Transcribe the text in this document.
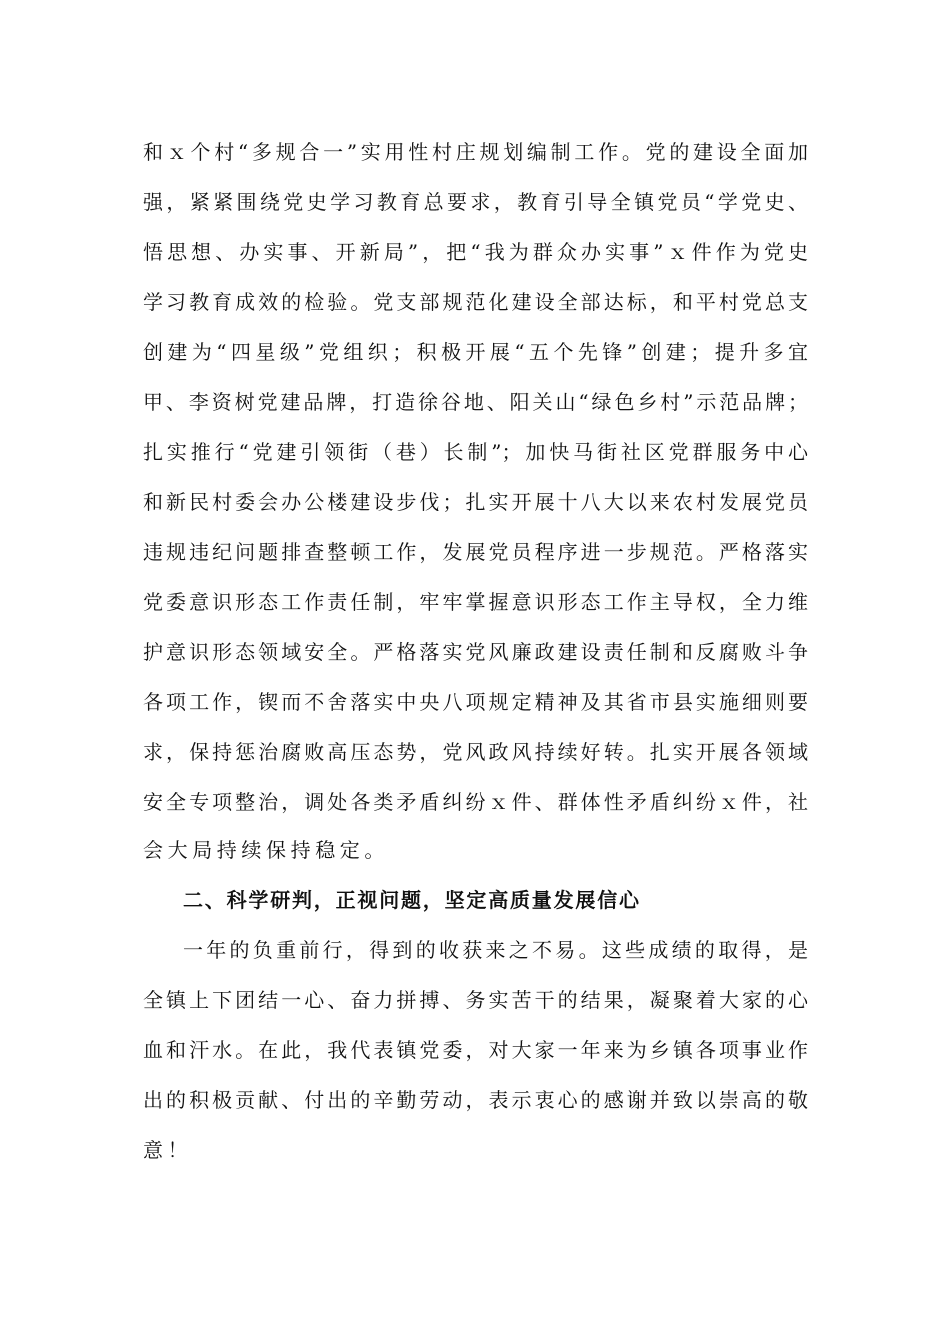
和ｘ个村“多规合一”实用性村庄规划编制工作。党的建设全面加
强，紧紧围绕党史学习教育总要求，教育引导全镇党员“学党史、
悟思想、办实事、开新局”，把“我为群众办实事”ｘ件作为党史
学习教育成效的检验。党支部规范化建设全部达标，和平村党总支
创建为“四星级”党组织；积极开展“五个先锋”创建；提升多宜
甲、李资树党建品牌，打造徐谷地、阳关山“绿色乡村”示范品牌；
扎实推行“党建引领街（巷）长制”；加快马街社区党群服务中心
和新民村委会办公楼建设步伐；扎实开展十八大以来农村发展党员
违规违纪问题排查整顿工作，发展党员程序进一步规范。严格落实
党委意识形态工作责任制，牢牢掌握意识形态工作主导权，全力维
护意识形态领域安全。严格落实党风廉政建设责任制和反腐败斗争
各项工作，锲而不舍落实中央八项规定精神及其省市县实施细则要
求，保持惩治腐败高压态势，党风政风持续好转。扎实开展各领域
安全专项整治，调处各类矛盾纠纷ｘ件、群体性矛盾纠纷ｘ件，社
会大局持续保持稳定。
二、科学研判，正视问题，坚定高质量发展信心
一年的负重前行，得到的收获来之不易。这些成绩的取得，是
全镇上下团结一心、奋力拼搏、务实苦干的结果，凝聚着大家的心
血和汗水。在此，我代表镇党委，对大家一年来为乡镇各项事业作
出的积极贡献、付出的辛勤劳动，表示衷心的感谢并致以崇高的敬
意！
